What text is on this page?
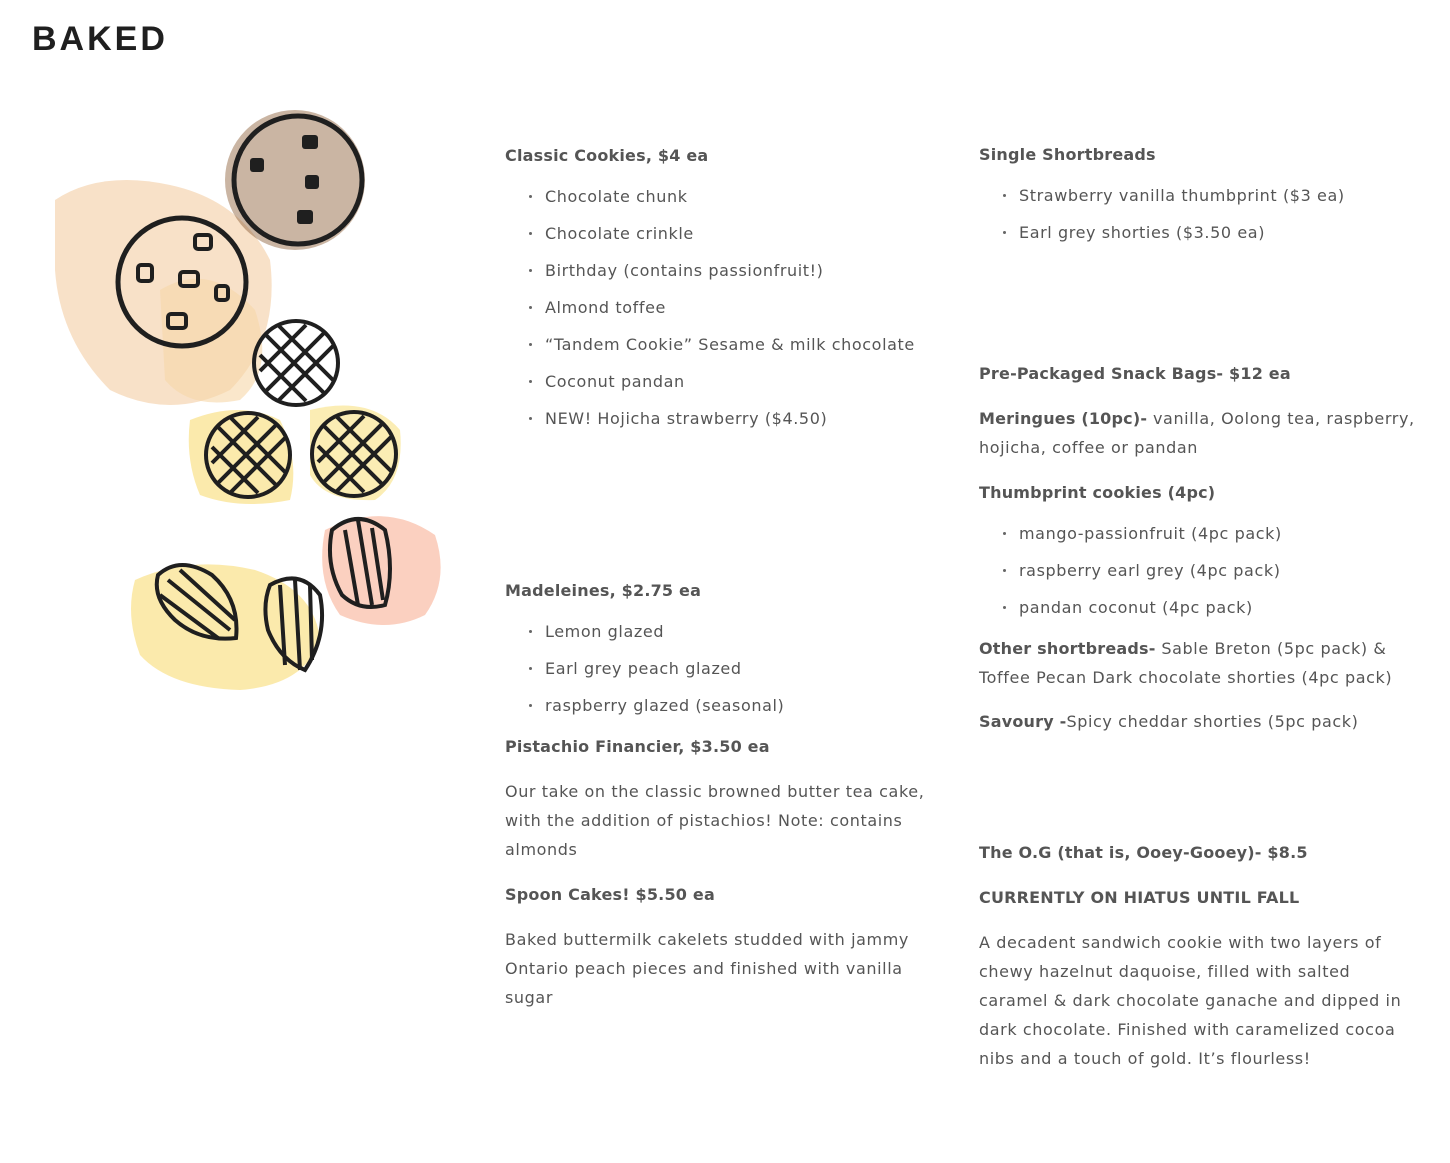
BAKED
Classic Cookies, $4 ea
Chocolate chunk
Chocolate crinkle
Birthday (contains passionfruit!)
Almond toffee
“Tandem Cookie” Sesame & milk chocolate
Coconut pandan
NEW! Hojicha strawberry ($4.50)
Madeleines, $2.75 ea
Lemon glazed
Earl grey peach glazed
raspberry glazed (seasonal)
Pistachio Financier, $3.50 ea

Our take on the classic browned butter tea cake, with the addition of pistachios! Note: contains almonds

Spoon Cakes! $5.50 ea

Baked buttermilk cakelets studded with jammy Ontario peach pieces and finished with vanilla sugar

Single Shortbreads
Strawberry vanilla thumbprint ($3 ea)
Earl grey shorties ($3.50 ea)
Pre-Packaged Snack Bags- $12 ea

Meringues (10pc)- vanilla, Oolong tea, raspberry, hojicha, coffee or pandan

Thumbprint cookies (4pc)
mango-passionfruit (4pc pack)
raspberry earl grey (4pc pack)
pandan coconut (4pc pack)

Other shortbreads- Sable Breton (5pc pack) & Toffee Pecan Dark chocolate shorties (4pc pack)

Savoury -Spicy cheddar shorties (5pc pack)

The O.G (that is, Ooey-Gooey)- $8.5
CURRENTLY ON HIATUS UNTIL FALL

A decadent sandwich cookie with two layers of chewy hazelnut daquoise, filled with salted caramel & dark chocolate ganache and dipped in dark chocolate. Finished with caramelized cocoa nibs and a touch of gold. It’s flourless!
